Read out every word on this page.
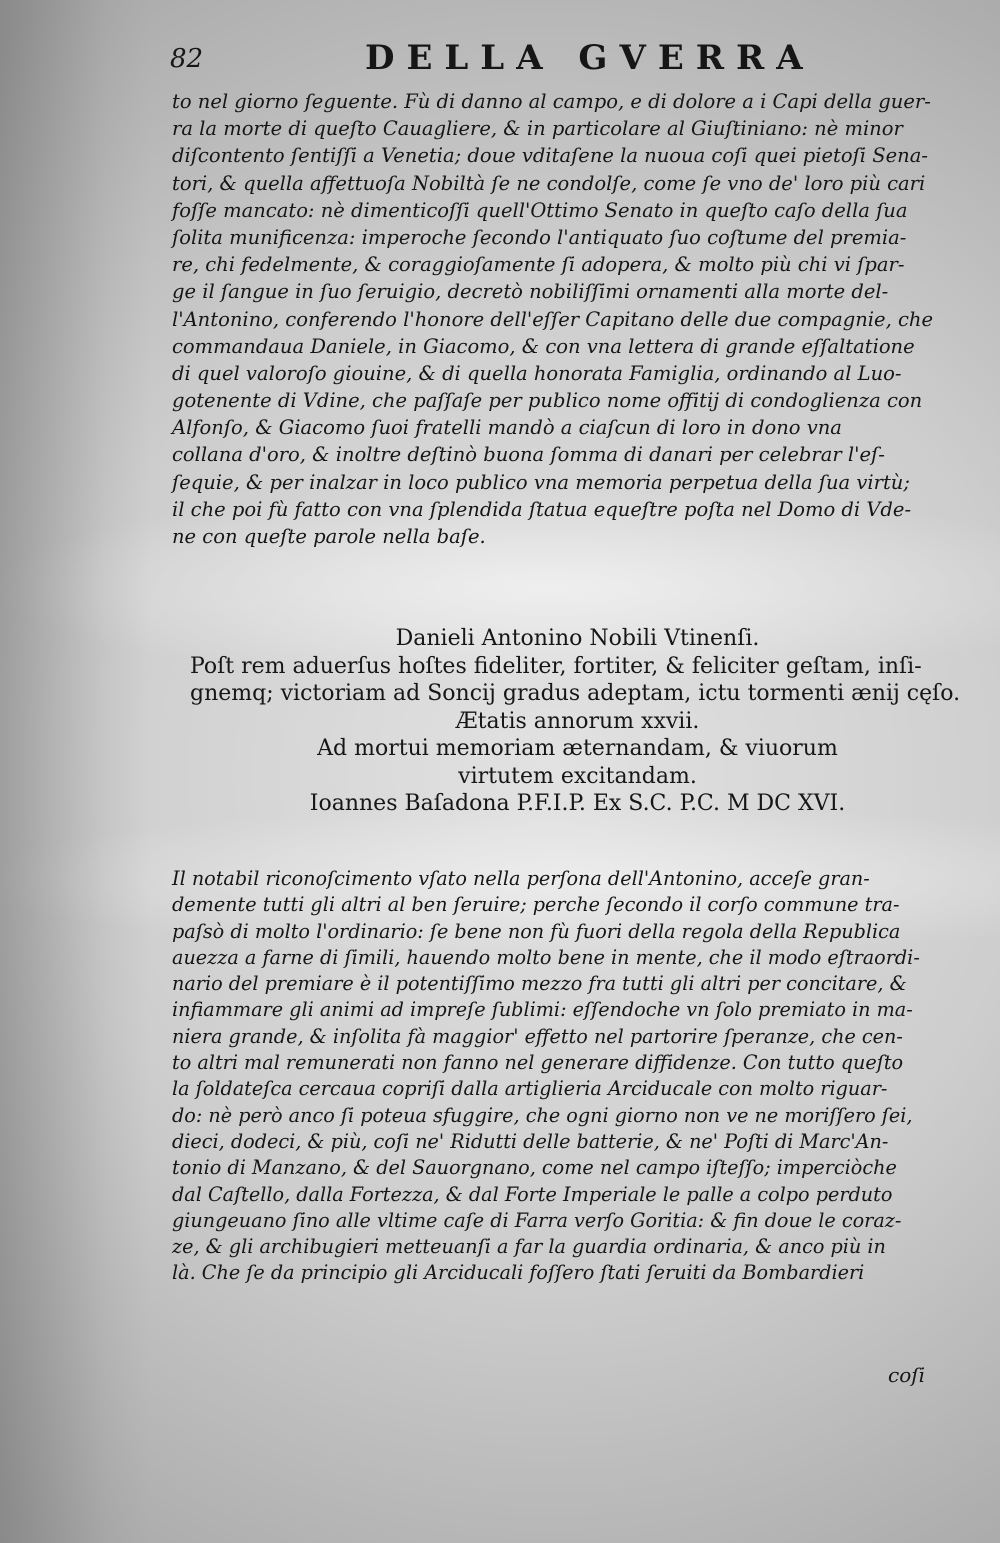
82	DELLA GVERRA
to nel giorno ſeguente. Fù di danno al campo, e di dolore a i Capi della guer-
ra la morte di queſto Cauagliere, & in particolare al Giuſtiniano: nè minor
diſcontento ſentiſſi a Venetia; doue vditaſene la nuoua coſi quei pietoſi Sena-
tori, & quella affettuoſa Nobiltà ſe ne condolſe, come ſe vno de' loro più cari
foſſe mancato: nè dimenticoſſi quell'Ottimo Senato in queſto caſo della ſua
ſolita munificenza: imperoche ſecondo l'antiquato ſuo coſtume del premia-
re, chi fedelmente, & coraggioſamente ſi adopera, & molto più chi vi ſpar-
ge il ſangue in ſuo ſeruigio, decretò nobiliſſimi ornamenti alla morte del-
l'Antonino, conferendo l'honore dell'eſſer Capitano delle due compagnie, che
commandaua Daniele, in Giacomo, & con vna lettera di grande eſſaltatione
di quel valoroſo giouine, & di quella honorata Famiglia, ordinando al Luo-
gotenente di Vdine, che paſſaſe per publico nome offitij di condoglienza con
Alfonſo, & Giacomo ſuoi fratelli mandò a ciaſcun di loro in dono vna
collana d'oro, & inoltre deſtinò buona ſomma di danari per celebrar l'eſ-
ſequie, & per inalzar in loco publico vna memoria perpetua della ſua virtù;
il che poi fù fatto con vna ſplendida ſtatua equeſtre poſta nel Domo di Vde-
ne con queſte parole nella baſe.
Danieli Antonino Nobili Vtinenſi.
Poſt rem aduerſus hoſtes fideliter, fortiter, & feliciter geſtam, inſi-
gnemq; victoriam ad Soncij gradus adeptam, ictu tormenti ænij cęſo.
Ætatis annorum xxvii.
Ad mortui memoriam æternandam, & viuorum
virtutem excitandam.
Ioannes Baſadona P.F.I.P. Ex S.C. P.C. M DC XVI.
Il notabil riconoſcimento vſato nella perſona dell'Antonino, acceſe gran-
demente tutti gli altri al ben ſeruire; perche ſecondo il corſo commune tra-
paſsò di molto l'ordinario: ſe bene non fù fuori della regola della Republica
auezza a farne di ſimili, hauendo molto bene in mente, che il modo eſtraordi-
nario del premiare è il potentiſſimo mezzo fra tutti gli altri per concitare, &
infiammare gli animi ad impreſe ſublimi: eſſendoche vn ſolo premiato in ma-
niera grande, & inſolita fà maggior' effetto nel partorire ſperanze, che cen-
to altri mal remunerati non fanno nel generare diffidenze. Con tutto queſto
la ſoldateſca cercaua copriſi dalla artiglieria Arciducale con molto riguar-
do: nè però anco ſi poteua sfuggire, che ogni giorno non ve ne moriſſero ſei,
dieci, dodeci, & più, coſi ne' Ridutti delle batterie, & ne' Poſti di Marc'An-
tonio di Manzano, & del Sauorgnano, come nel campo iſteſſo; imperciòche
dal Caſtello, dalla Fortezza, & dal Forte Imperiale le palle a colpo perduto
giungeuano ſino alle vltime caſe di Farra verſo Goritia: & fin doue le coraz-
ze, & gli archibugieri metteuanſi a far la guardia ordinaria, & anco più in
là. Che ſe da principio gli Arciducali foſſero ſtati ſeruiti da Bombardieri
coſi
